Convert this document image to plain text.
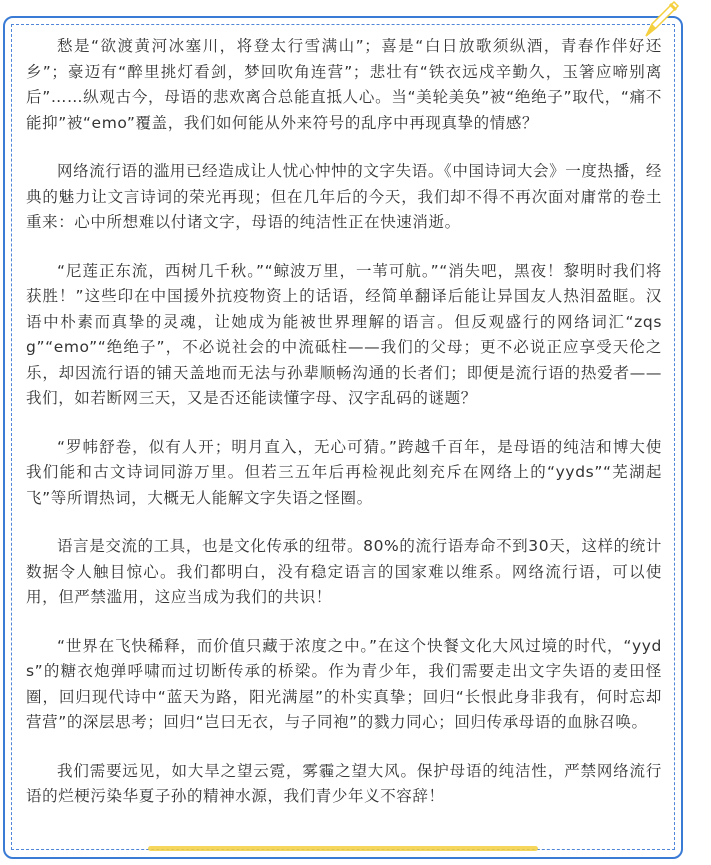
愁是“欲渡黄河冰塞川，将登太行雪满山”；喜是“白日放歌须纵酒，青春作伴好还乡”；豪迈有“醉里挑灯看剑，梦回吹角连营”；悲壮有“铁衣远戍辛勤久，玉箸应啼别离后”……纵观古今，母语的悲欢离合总能直抵人心。当“美轮美奂”被“绝绝子”取代，“痛不能抑”被“emo”覆盖，我们如何能从外来符号的乱序中再现真挚的情感？

网络流行语的滥用已经造成让人忧心忡忡的文字失语。《中国诗词大会》一度热播，经典的魅力让文言诗词的荣光再现；但在几年后的今天，我们却不得不再次面对庸常的卷土重来：心中所想难以付诸文字，母语的纯洁性正在快速消逝。

“尼莲正东流，西树几千秋。”“鲸波万里，一苇可航。”“消失吧，黑夜！黎明时我们将获胜！”这些印在中国援外抗疫物资上的话语，经简单翻译后能让异国友人热泪盈眶。汉语中朴素而真挚的灵魂，让她成为能被世界理解的语言。但反观盛行的网络词汇“zqsg”“emo”“绝绝子”，不必说社会的中流砥柱——我们的父母；更不必说正应享受天伦之乐，却因流行语的铺天盖地而无法与孙辈顺畅沟通的长者们；即便是流行语的热爱者——我们，如若断网三天，又是否还能读懂字母、汉字乱码的谜题？

“罗帏舒卷，似有人开；明月直入，无心可猜。”跨越千百年，是母语的纯洁和博大使我们能和古文诗词同游万里。但若三五年后再检视此刻充斥在网络上的“yyds”“芜湖起飞”等所谓热词，大概无人能解文字失语之怪圈。

语言是交流的工具，也是文化传承的纽带。80%的流行语寿命不到30天，这样的统计数据令人触目惊心。我们都明白，没有稳定语言的国家难以维系。网络流行语，可以使用，但严禁滥用，这应当成为我们的共识！

“世界在飞快稀释，而价值只藏于浓度之中。”在这个快餐文化大风过境的时代，“yyds”的糖衣炮弹呼啸而过切断传承的桥梁。作为青少年，我们需要走出文字失语的麦田怪圈，回归现代诗中“蓝天为路，阳光满屋”的朴实真挚；回归“长恨此身非我有，何时忘却营营”的深层思考；回归“岂曰无衣，与子同袍”的戮力同心；回归传承母语的血脉召唤。

我们需要远见，如大旱之望云霓，雾霾之望大风。保护母语的纯洁性，严禁网络流行语的烂梗污染华夏子孙的精神水源，我们青少年义不容辞！
